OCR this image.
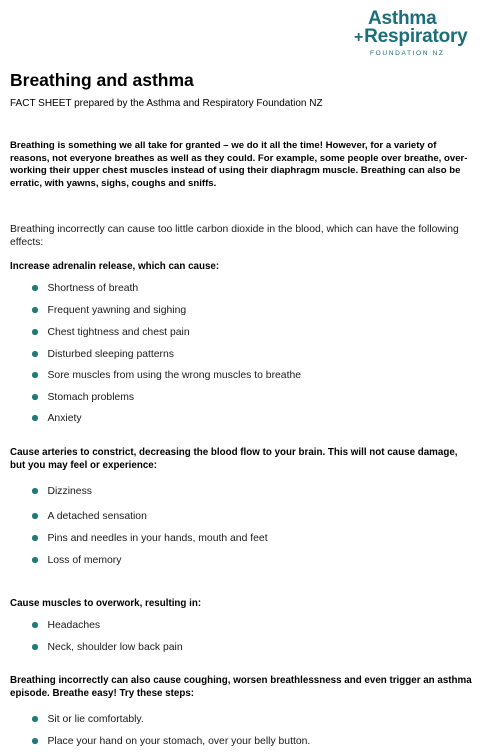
Asthma
+Respiratory
FOUNDATION NZ
Breathing and asthma
FACT SHEET prepared by the Asthma and Respiratory Foundation NZ

Breathing is something we all take for granted – we do it all the time! However, for a variety of reasons, not everyone breathes as well as they could. For example, some people over breathe, over-working their upper chest muscles instead of using their diaphragm muscle. Breathing can also be erratic, with yawns, sighs, coughs and sniffs.

Breathing incorrectly can cause too little carbon dioxide in the blood, which can have the following effects:

Increase adrenalin release, which can cause:
Shortness of breath
Frequent yawning and sighing
Chest tightness and chest pain
Disturbed sleeping patterns
Sore muscles from using the wrong muscles to breathe
Stomach problems
Anxiety
Cause arteries to constrict, decreasing the blood flow to your brain. This will not cause damage, but you may feel or experience:
Dizziness
A detached sensation
Pins and needles in your hands, mouth and feet
Loss of memory
Cause muscles to overwork, resulting in:
Headaches
Neck, shoulder low back pain
Breathing incorrectly can also cause coughing, worsen breathlessness and even trigger an asthma episode. Breathe easy! Try these steps:
Sit or lie comfortably.
Place your hand on your stomach, over your belly button.
